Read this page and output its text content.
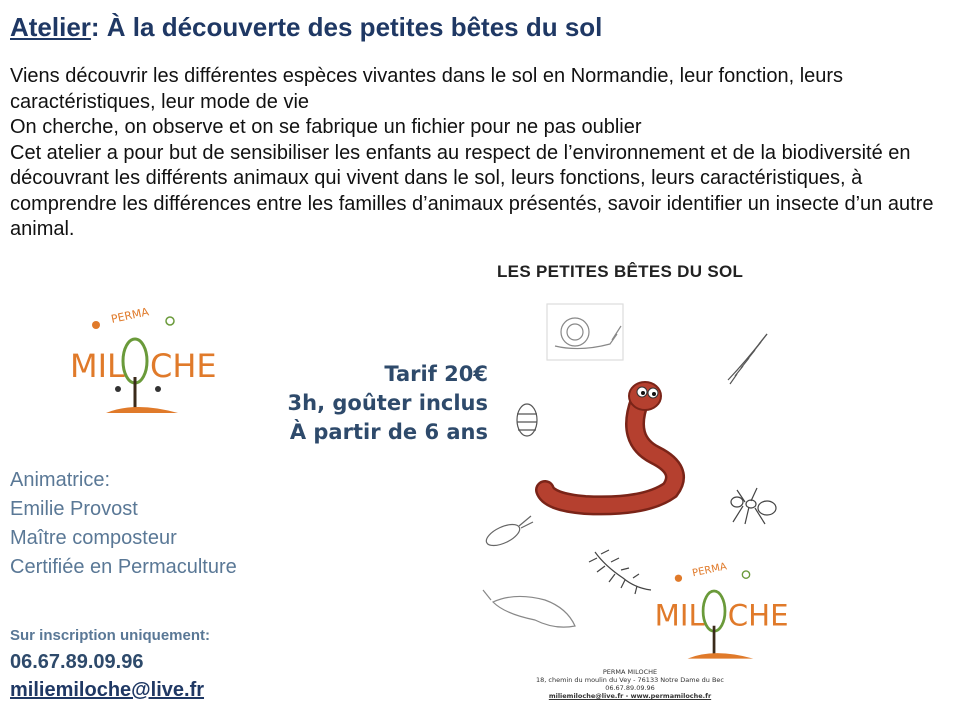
Atelier: À la découverte des petites bêtes du sol

Viens découvrir les différentes espèces vivantes dans le sol en Normandie, leur fonction, leurs caractéristiques, leur mode de vie

On cherche, on observe et on se fabrique un fichier pour ne pas oublier

Cet atelier a pour but de sensibiliser les enfants au respect de l’environnement et de la biodiversité en découvrant les différents animaux qui vivent dans le sol, leurs fonctions, leurs caractéristiques, à comprendre les différences entre les familles d’animaux présentés, savoir identifier un insecte d’un autre animal.

PERMA
MIL CHE	Tarif 20€
3h, goûter inclus
À partir de 6 ans
Animatrice:
Emilie Provost
Maître composteur
Certifiée en Permaculture
Sur inscription uniquement:
06.67.89.09.96
miliemiloche@live.fr
LES PETITES BÊTES DU SOL
PERMA
MIL CHE
PERMA MILOCHE
18, chemin du moulin du Vey - 76133 Notre Dame du Bec
06.67.89.09.96
miliemiloche@live.fr - www.permamiloche.fr
